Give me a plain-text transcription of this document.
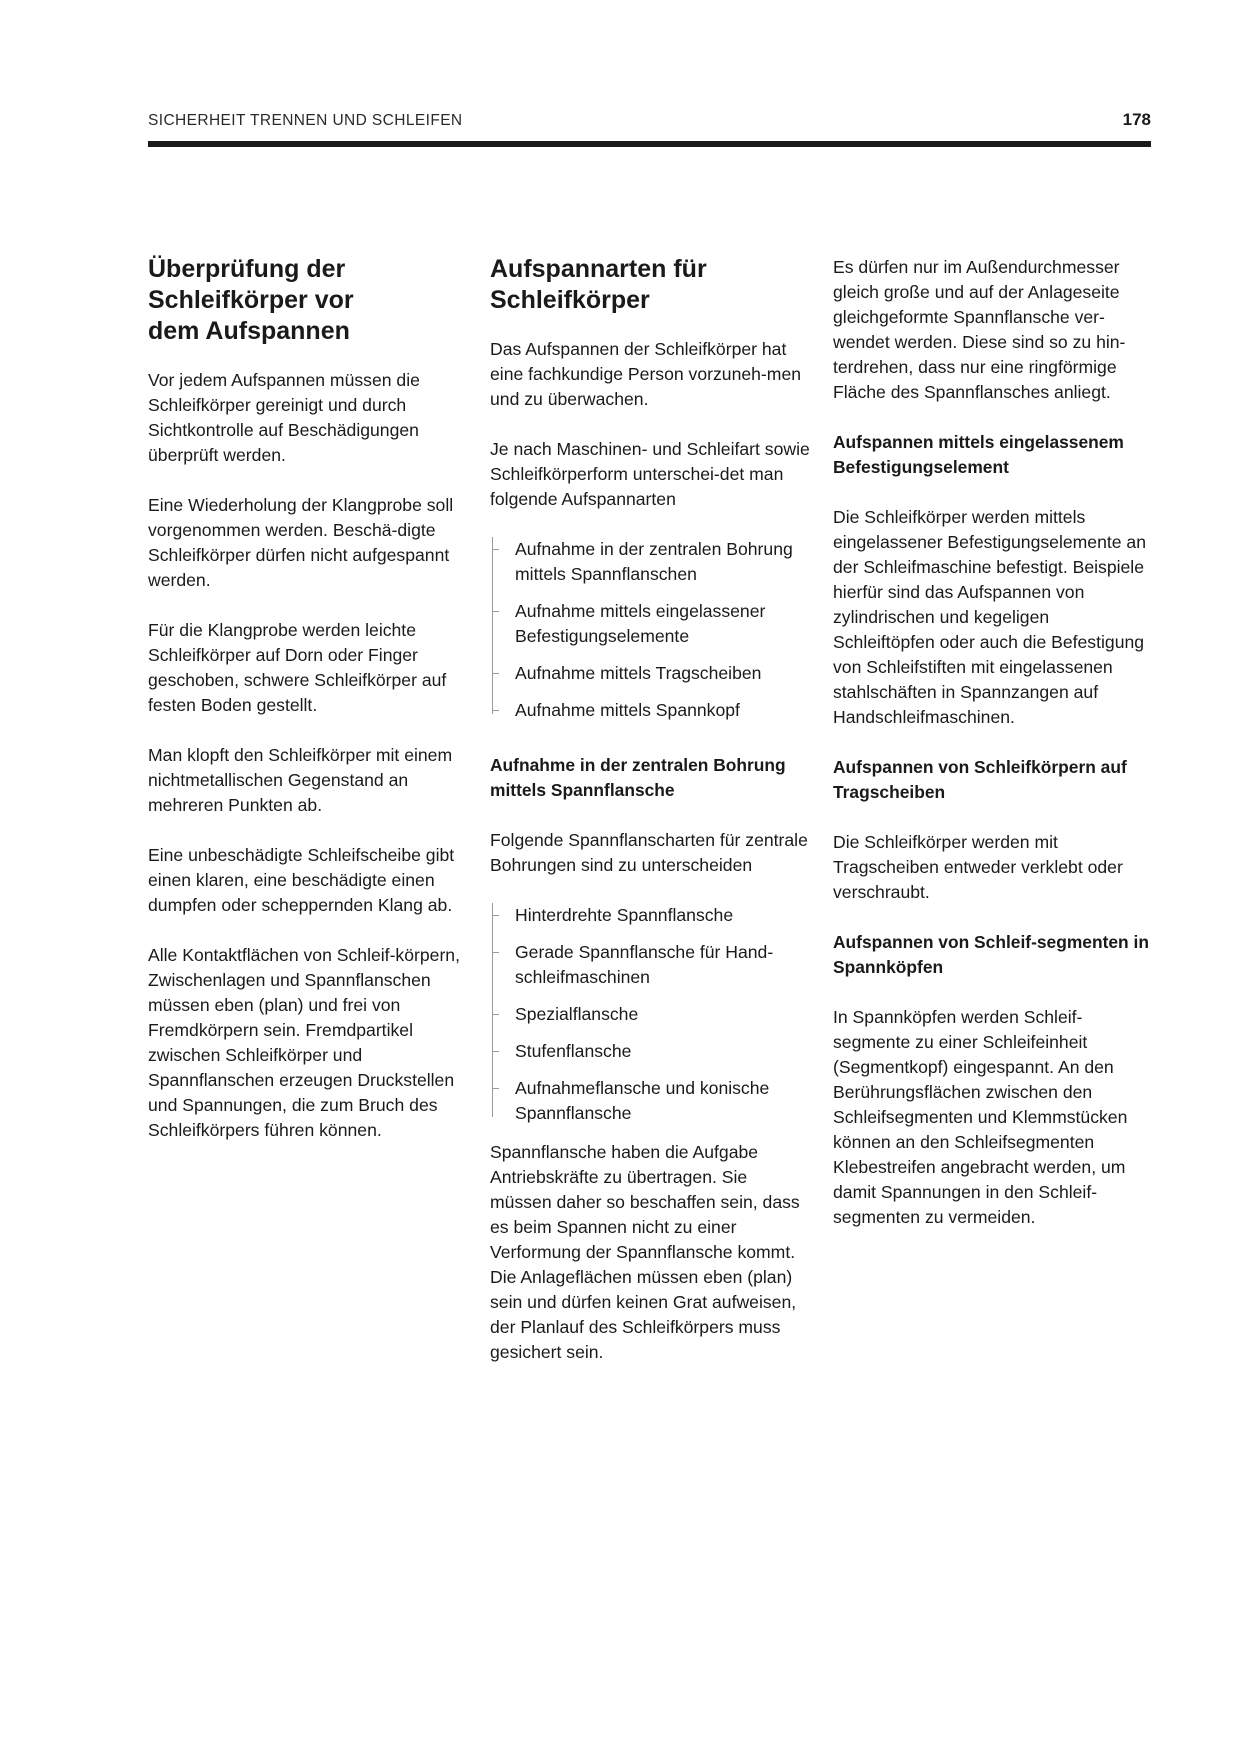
SICHERHEIT TRENNEN UND SCHLEIFEN	178
Überprüfung der
Schleifkörper vor
dem Aufspannen

Vor jedem Aufspannen müssen die Schleifkörper gereinigt und durch Sichtkontrolle auf Beschädigungen überprüft werden.

Eine Wiederholung der Klangprobe soll vorgenommen werden. Beschä-digte Schleifkörper dürfen nicht aufgespannt werden.

Für die Klangprobe werden leichte Schleifkörper auf Dorn oder Finger geschoben, schwere Schleifkörper auf festen Boden gestellt.

Man klopft den Schleifkörper mit einem nichtmetallischen Gegenstand an mehreren Punkten ab.

Eine unbeschädigte Schleifscheibe gibt einen klaren, eine beschädigte einen dumpfen oder scheppernden Klang ab.

Alle Kontaktflächen von Schleif-körpern, Zwischenlagen und Spannflanschen müssen eben (plan) und frei von Fremdkörpern sein. Fremdpartikel zwischen Schleifkörper und Spannflanschen erzeugen Druckstellen und Spannungen, die zum Bruch des Schleifkörpers führen können.

Aufspannarten für
Schleifkörper

Das Aufspannen der Schleifkörper hat eine fachkundige Person vorzuneh-men und zu überwachen.

Je nach Maschinen- und Schleifart sowie Schleifkörperform unterschei-det man folgende Aufspannarten

Aufnahme in der zentralen Bohrung mittels Spannflanschen
Aufnahme mittels eingelassener Befestigungselemente
Aufnahme mittels Tragscheiben
Aufnahme mittels Spannkopf
Aufnahme in der zentralen Bohrung mittels Spannflansche

Folgende Spannflanscharten für zentrale Bohrungen sind zu unterscheiden

Hinterdrehte Spannflansche
Gerade Spannflansche für Hand-schleifmaschinen
Spezialflansche
Stufenflansche
Aufnahmeflansche und konische Spannflansche

Spannflansche haben die Aufgabe Antriebskräfte zu übertragen. Sie müssen daher so beschaffen sein, dass es beim Spannen nicht zu einer Verformung der Spannflansche kommt. Die Anlageflächen müssen eben (plan) sein und dürfen keinen Grat aufweisen, der Planlauf des Schleifkörpers muss gesichert sein.

Es dürfen nur im Außendurchmesser gleich große und auf der Anlageseite gleichgeformte Spannflansche ver-wendet werden. Diese sind so zu hin-terdrehen, dass nur eine ringförmige Fläche des Spannflansches anliegt.

Aufspannen mittels eingelassenem Befestigungselement

Die Schleifkörper werden mittels eingelassener Befestigungselemente an der Schleifmaschine befestigt. Beispiele hierfür sind das Aufspannen von zylindrischen und kegeligen Schleiftöpfen oder auch die Befestigung von Schleifstiften mit eingelassenen stahlschäften in Spannzangen auf Handschleifmaschinen.

Aufspannen von Schleifkörpern auf Tragscheiben

Die Schleifkörper werden mit Tragscheiben entweder verklebt oder verschraubt.

Aufspannen von Schleif-segmenten in Spannköpfen

In Spannköpfen werden Schleif-segmente zu einer Schleifeinheit (Segmentkopf) eingespannt. An den Berührungsflächen zwischen den Schleifsegmenten und Klemmstücken können an den Schleifsegmenten Klebestreifen angebracht werden, um damit Spannungen in den Schleif-segmenten zu vermeiden.
